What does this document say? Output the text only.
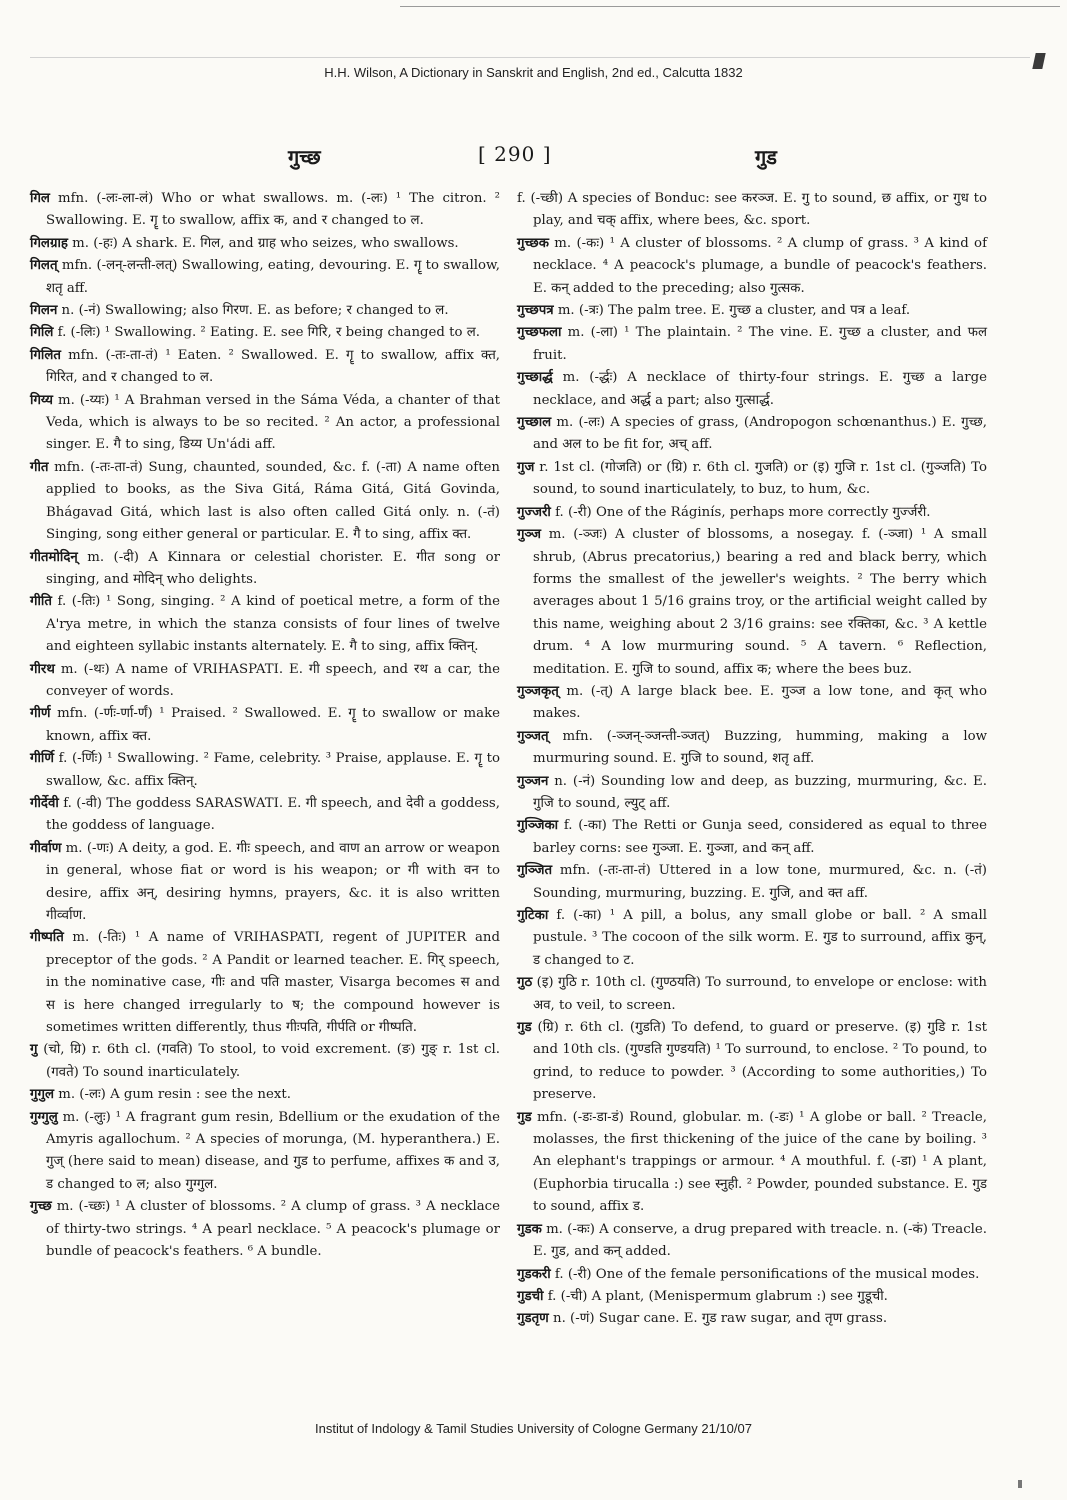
H.H. Wilson, A Dictionary in Sanskrit and English, 2nd ed., Calcutta 1832
गुच्छ	[ 290 ]	गुड

गिल mfn. (-लः-ला-लं) Who or what swallows. m. (-लः) ¹ The citron. ² Swallowing. E. गॄ to swallow, affix क, and र changed to ल.

गिलग्राह m. (-हः) A shark. E. गिल, and ग्राह who seizes, who swallows.

गिलत् mfn. (-लन्-लन्ती-लत्) Swallowing, eating, devouring. E. गॄ to swallow, शतृ aff.

गिलन n. (-नं) Swallowing; also गिरण. E. as before; र changed to ल.

गिलि f. (-लिः) ¹ Swallowing. ² Eating. E. see गिरि, र being changed to ल.

गिलित mfn. (-तः-ता-तं) ¹ Eaten. ² Swallowed. E. गॄ to swallow, affix क्त, गिरित, and र changed to ल.

गिय्य m. (-य्यः) ¹ A Brahman versed in the Sáma Véda, a chanter of that Veda, which is always to be so recited. ² An actor, a professional singer. E. गै to sing, डिय्य Un'ádi aff.

गीत mfn. (-तः-ता-तं) Sung, chaunted, sounded, &c. f. (-ता) A name often applied to books, as the Siva Gitá, Ráma Gitá, Gitá Govinda, Bhágavad Gitá, which last is also often called Gitá only. n. (-तं) Singing, song either general or particular. E. गै to sing, affix क्त.

गीतमोदिन् m. (-दी) A Kinnara or celestial chorister. E. गीत song or singing, and मोदिन् who delights.

गीति f. (-तिः) ¹ Song, singing. ² A kind of poetical metre, a form of the A'rya metre, in which the stanza consists of four lines of twelve and eighteen syllabic instants alternately. E. गै to sing, affix क्तिन्.

गीरथ m. (-थः) A name of VRIHASPATI. E. गी speech, and रथ a car, the conveyer of words.

गीर्ण mfn. (-र्णः-र्णा-र्णं) ¹ Praised. ² Swallowed. E. गॄ to swallow or make known, affix क्त.

गीर्णि f. (-र्णिः) ¹ Swallowing. ² Fame, celebrity. ³ Praise, applause. E. गॄ to swallow, &c. affix क्तिन्.

गीर्देवी f. (-वी) The goddess SARASWATI. E. गी speech, and देवी a goddess, the goddess of language.

गीर्वाण m. (-णः) A deity, a god. E. गीः speech, and वाण an arrow or weapon in general, whose fiat or word is his weapon; or गी with वन to desire, affix अन्, desiring hymns, prayers, &c. it is also written गीर्व्वाण.

गीष्पति m. (-तिः) ¹ A name of VRIHASPATI, regent of JUPITER and preceptor of the gods. ² A Pandit or learned teacher. E. गिर् speech, in the nominative case, गीः and पति master, Visarga becomes स and स is here changed irregularly to ष; the compound however is sometimes written differently, thus गीःपति, गीर्पति or गीष्पति.

गु (चो, ग्रि) r. 6th cl. (गवति) To stool, to void excrement. (ङ) गुङ् r. 1st cl. (गवते) To sound inarticulately.

गुगुल m. (-लः) A gum resin : see the next.

गुग्गुलु m. (-लुः) ¹ A fragrant gum resin, Bdellium or the exudation of the Amyris agallochum. ² A species of morunga, (M. hyperanthera.) E. गुज् (here said to mean) disease, and गुड to perfume, affixes क and उ, ड changed to ल; also गुग्गुल.

गुच्छ m. (-च्छः) ¹ A cluster of blossoms. ² A clump of grass. ³ A necklace of thirty-two strings. ⁴ A pearl necklace. ⁵ A peacock's plumage or bundle of peacock's feathers. ⁶ A bundle.

f. (-च्छी) A species of Bonduc: see करञ्ज. E. गु to sound, छ affix, or गुध to play, and चक् affix, where bees, &c. sport.

गुच्छक m. (-कः) ¹ A cluster of blossoms. ² A clump of grass. ³ A kind of necklace. ⁴ A peacock's plumage, a bundle of peacock's feathers. E. कन् added to the preceding; also गुत्सक.

गुच्छपत्र m. (-त्रः) The palm tree. E. गुच्छ a cluster, and पत्र a leaf.

गुच्छफला m. (-ला) ¹ The plaintain. ² The vine. E. गुच्छ a cluster, and फल fruit.

गुच्छार्द्ध m. (-र्द्धः) A necklace of thirty-four strings. E. गुच्छ a large necklace, and अर्द्ध a part; also गुत्सार्द्ध.

गुच्छाल m. (-लः) A species of grass, (Andropogon schœnanthus.) E. गुच्छ, and अल to be fit for, अच् aff.

गुज r. 1st cl. (गोजति) or (ग्रि) r. 6th cl. गुजति) or (इ) गुजि r. 1st cl. (गुञ्जति) To sound, to sound inarticulately, to buz, to hum, &c.

गुज्जरी f. (-री) One of the Ráginís, perhaps more correctly गुर्ज्जरी.

गुञ्ज m. (-ञ्जः) A cluster of blossoms, a nosegay. f. (-ञ्जा) ¹ A small shrub, (Abrus precatorius,) bearing a red and black berry, which forms the smallest of the jeweller's weights. ² The berry which averages about 1 5/16 grains troy, or the artificial weight called by this name, weighing about 2 3/16 grains: see रक्तिका, &c. ³ A kettle drum. ⁴ A low murmuring sound. ⁵ A tavern. ⁶ Reflection, meditation. E. गुजि to sound, affix क; where the bees buz.

गुञ्जकृत् m. (-त्) A large black bee. E. गुञ्ज a low tone, and कृत् who makes.

गुञ्जत् mfn. (-ञ्जन्-ञ्जन्ती-ञ्जत्) Buzzing, humming, making a low murmuring sound. E. गुजि to sound, शतृ aff.

गुञ्जन n. (-नं) Sounding low and deep, as buzzing, murmuring, &c. E. गुजि to sound, ल्युट् aff.

गुञ्जिका f. (-का) The Retti or Gunja seed, considered as equal to three barley corns: see गुञ्जा. E. गुञ्जा, and कन् aff.

गुञ्जित mfn. (-तः-ता-तं) Uttered in a low tone, murmured, &c. n. (-तं) Sounding, murmuring, buzzing. E. गुजि, and क्त aff.

गुटिका f. (-का) ¹ A pill, a bolus, any small globe or ball. ² A small pustule. ³ The cocoon of the silk worm. E. गुड to surround, affix कुन्, ड changed to ट.

गुठ (इ) गुठि r. 10th cl. (गुण्ठयति) To surround, to envelope or enclose: with अव, to veil, to screen.

गुड (ग्रि) r. 6th cl. (गुडति) To defend, to guard or preserve. (इ) गुडि r. 1st and 10th cls. (गुण्डति गुण्डयति) ¹ To surround, to enclose. ² To pound, to grind, to reduce to powder. ³ (According to some authorities,) To preserve.

गुड mfn. (-डः-डा-डं) Round, globular. m. (-डः) ¹ A globe or ball. ² Treacle, molasses, the first thickening of the juice of the cane by boiling. ³ An elephant's trappings or armour. ⁴ A mouthful. f. (-डा) ¹ A plant, (Euphorbia tirucalla :) see स्नुही. ² Powder, pounded substance. E. गुड to sound, affix ड.

गुडक m. (-कः) A conserve, a drug prepared with treacle. n. (-कं) Treacle. E. गुड, and कन् added.

गुडकरी f. (-री) One of the female personifications of the musical modes.

गुडची f. (-ची) A plant, (Menispermum glabrum :) see गुडूची.

गुडतृण n. (-णं) Sugar cane. E. गुड raw sugar, and तृण grass.

Institut of Indology & Tamil Studies University of Cologne Germany 21/10/07
